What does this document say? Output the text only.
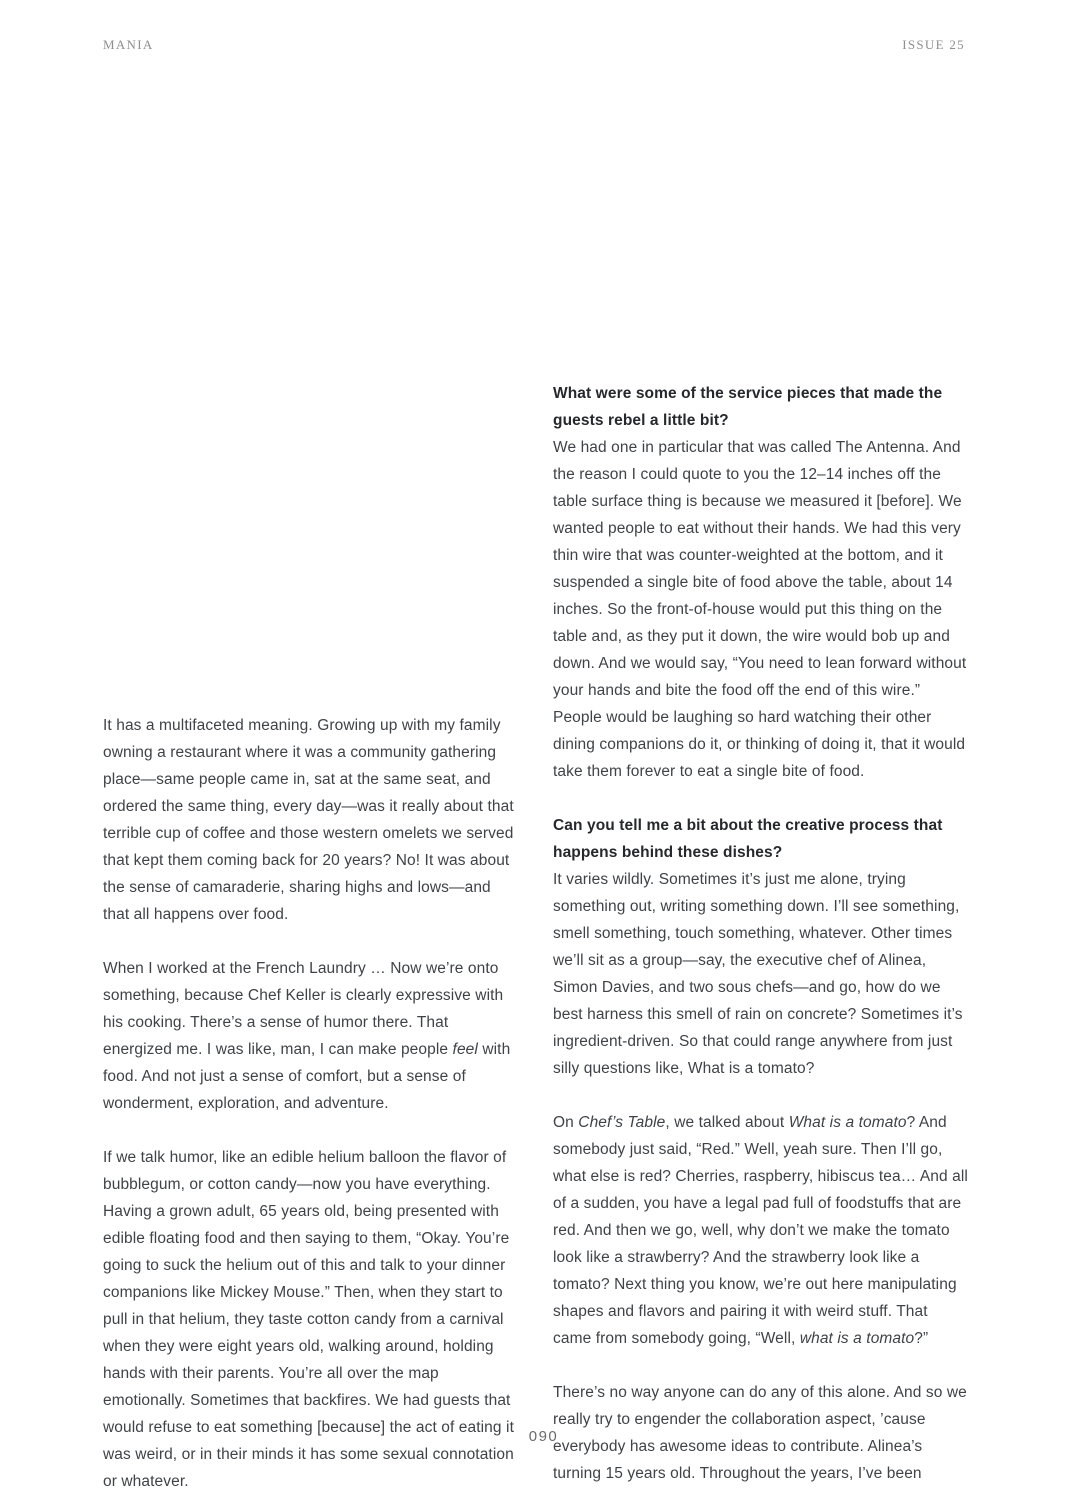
MANIA	ISSUE 25

It has a multifaceted meaning. Growing up with my family owning a restaurant where it was a community gathering place—same people came in, sat at the same seat, and ordered the same thing, every day—was it really about that terrible cup of coffee and those western omelets we served that kept them coming back for 20 years? No! It was about the sense of camaraderie, sharing highs and lows—and that all happens over food.

When I worked at the French Laundry … Now we’re onto something, because Chef Keller is clearly expressive with his cooking. There’s a sense of humor there. That energized me. I was like, man, I can make people feel with food. And not just a sense of comfort, but a sense of wonderment, exploration, and adventure.

If we talk humor, like an edible helium balloon the flavor of bubblegum, or cotton candy—now you have everything. Having a grown adult, 65 years old, being presented with edible floating food and then saying to them, “Okay. You’re going to suck the helium out of this and talk to your dinner companions like Mickey Mouse.” Then, when they start to pull in that helium, they taste cotton candy from a carnival when they were eight years old, walking around, holding hands with their parents. You’re all over the map emotionally. Sometimes that backfires. We had guests that would refuse to eat something [because] the act of eating it was weird, or in their minds it has some sexual connotation or whatever.

What were some of the service pieces that made the guests rebel a little bit?

We had one in particular that was called The Antenna. And the reason I could quote to you the 12–14 inches off the table surface thing is because we measured it [before]. We wanted people to eat without their hands. We had this very thin wire that was counter-weighted at the bottom, and it suspended a single bite of food above the table, about 14 inches. So the front-of-house would put this thing on the table and, as they put it down, the wire would bob up and down. And we would say, “You need to lean forward without your hands and bite the food off the end of this wire.” People would be laughing so hard watching their other dining companions do it, or thinking of doing it, that it would take them forever to eat a single bite of food.

Can you tell me a bit about the creative process that happens behind these dishes?

It varies wildly. Sometimes it’s just me alone, trying something out, writing something down. I’ll see something, smell something, touch something, whatever. Other times we’ll sit as a group—say, the executive chef of Alinea, Simon Davies, and two sous chefs—and go, how do we best harness this smell of rain on concrete? Sometimes it’s ingredient-driven. So that could range anywhere from just silly questions like, What is a tomato?

On Chef’s Table, we talked about What is a tomato? And somebody just said, “Red.” Well, yeah sure. Then I’ll go, what else is red? Cherries, raspberry, hibiscus tea… And all of a sudden, you have a legal pad full of foodstuffs that are red. And then we go, well, why don’t we make the tomato look like a strawberry? And the strawberry look like a tomato? Next thing you know, we’re out here manipulating shapes and flavors and pairing it with weird stuff. That came from somebody going, “Well, what is a tomato?”

There’s no way anyone can do any of this alone. And so we really try to engender the collaboration aspect, ’cause everybody has awesome ideas to contribute. Alinea’s turning 15 years old. Throughout the years, I’ve been

090
